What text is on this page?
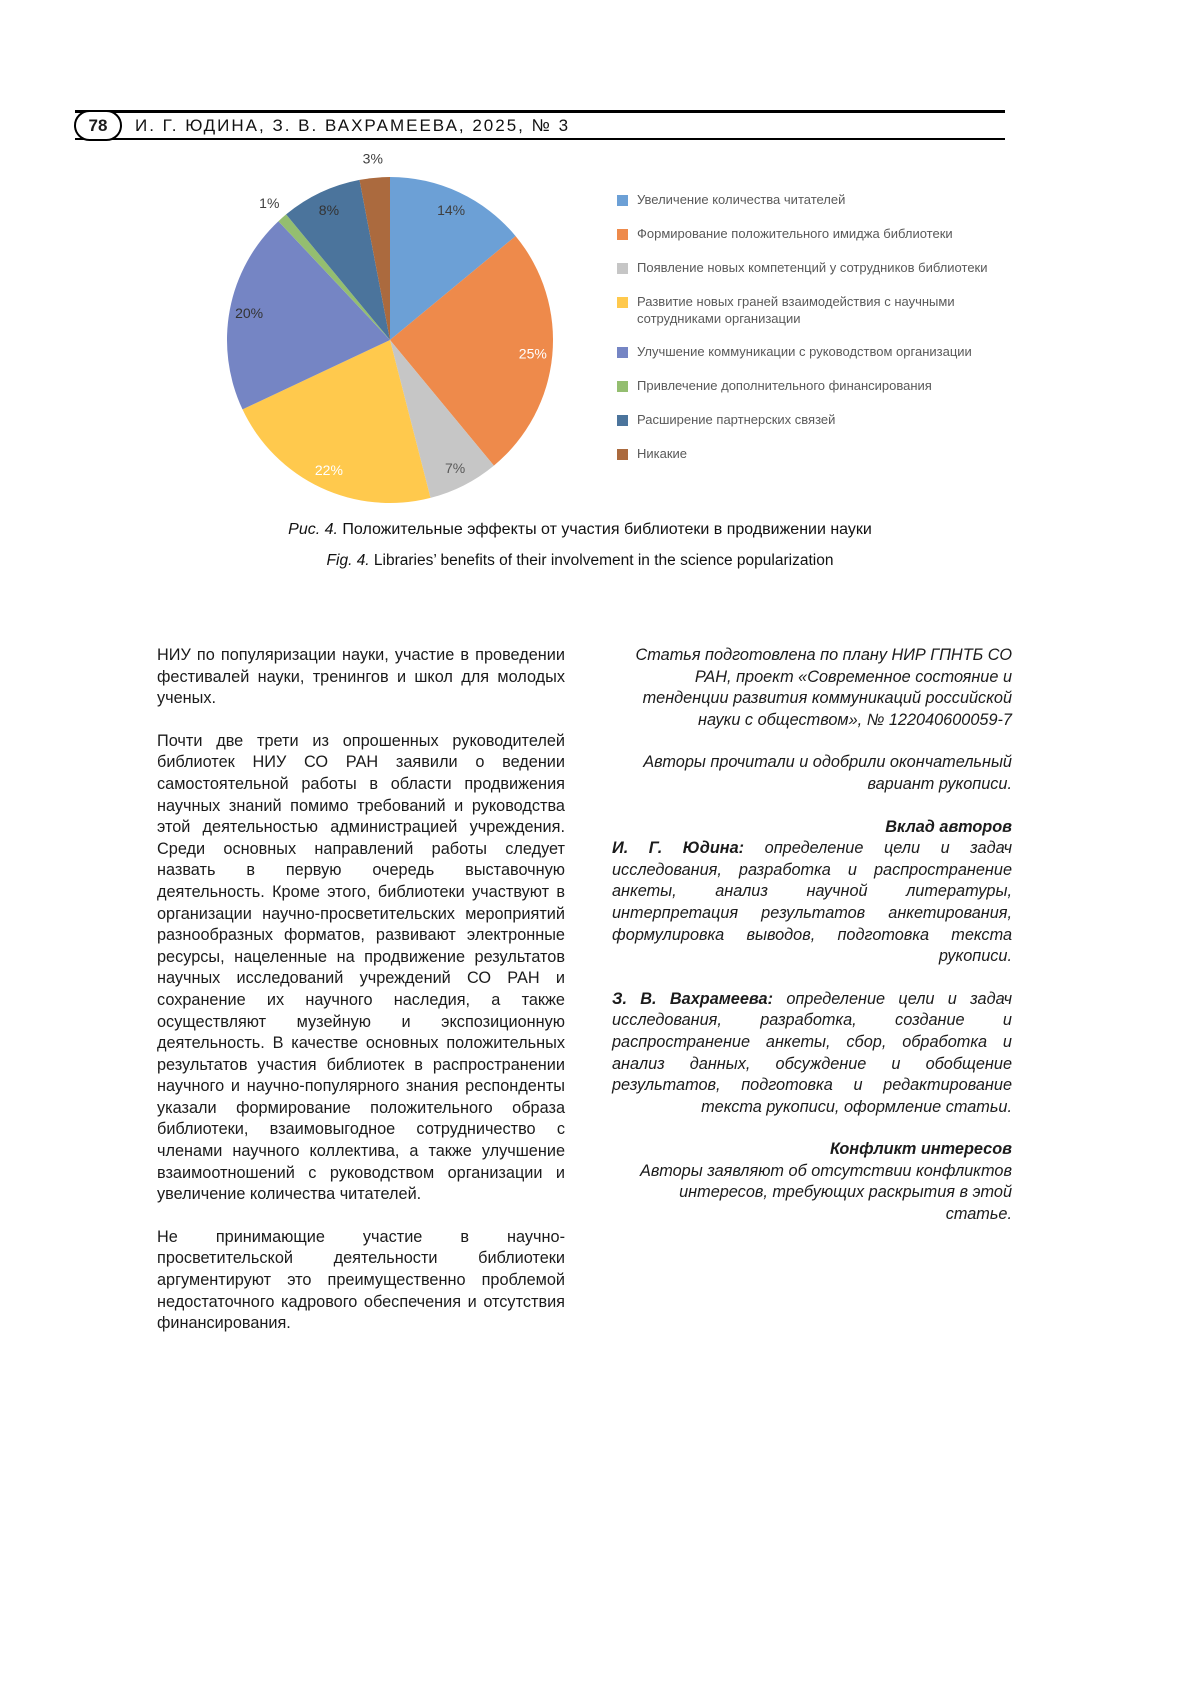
78	И. Г. ЮДИНА, З. В. ВАХРАМЕЕВА, 2025, № 3
14%
25%
7%
22%
20%
1%	8%
3%
Увеличение количества читателей
Формирование положительного имиджа библиотеки
Появление новых компетенций у сотрудников библиотеки
Развитие новых граней взаимодействия с научными сотрудниками организации
Улучшение коммуникации с руководством организации
Привлечение дополнительного финансирования
Расширение партнерских связей
Никакие

Рис. 4. Положительные эффекты от участия библиотеки в продвижении науки

Fig. 4. Libraries’ benefits of their involvement in the science popularization

НИУ по популяризации науки, участие в проведении фестивалей науки, тренингов и школ для молодых ученых.

Почти две трети из опрошенных руководителей библиотек НИУ СО РАН заявили о ведении самостоятельной работы в области продвижения научных знаний помимо требований и руководства этой деятельностью администрацией учреждения. Среди основных направлений работы следует назвать в первую очередь выставочную деятельность. Кроме этого, библиотеки участвуют в организации научно-просветительских мероприятий разнообразных форматов, развивают электронные ресурсы, нацеленные на продвижение результатов научных исследований учреждений СО РАН и сохранение их научного наследия, а также осуществляют музейную и экспозиционную деятельность. В качестве основных положительных результатов участия библиотек в распространении научного и научно-популярного знания респонденты указали формирование положительного образа библиотеки, взаимовыгодное сотрудничество с членами научного коллектива, а также улучшение взаимоотношений с руководством организации и увеличение количества читателей.

Не принимающие участие в научно-просветительской деятельности библиотеки аргументируют это преимущественно проблемой недостаточного кадрового обеспечения и отсутствия финансирования.

Статья подготовлена по плану НИР ГПНТБ СО РАН, проект «Современное состояние и тенденции развития коммуникаций российской науки с обществом», № 122040600059-7

Авторы прочитали и одобрили окончательный вариант рукописи.

Вклад авторов

И. Г. Юдина: определение цели и задач исследования, разработка и распространение анкеты, анализ научной литературы, интерпретация результатов анкетирования, формулировка выводов, подготовка текста рукописи.

З. В. Вахрамеева: определение цели и задач исследования, разработка, создание и распространение анкеты, сбор, обработка и анализ данных, обсуждение и обобщение результатов, подготовка и редактирование текста рукописи, оформление статьи.

Конфликт интересов

Авторы заявляют об отсутствии конфликтов интересов, требующих раскрытия в этой статье.
